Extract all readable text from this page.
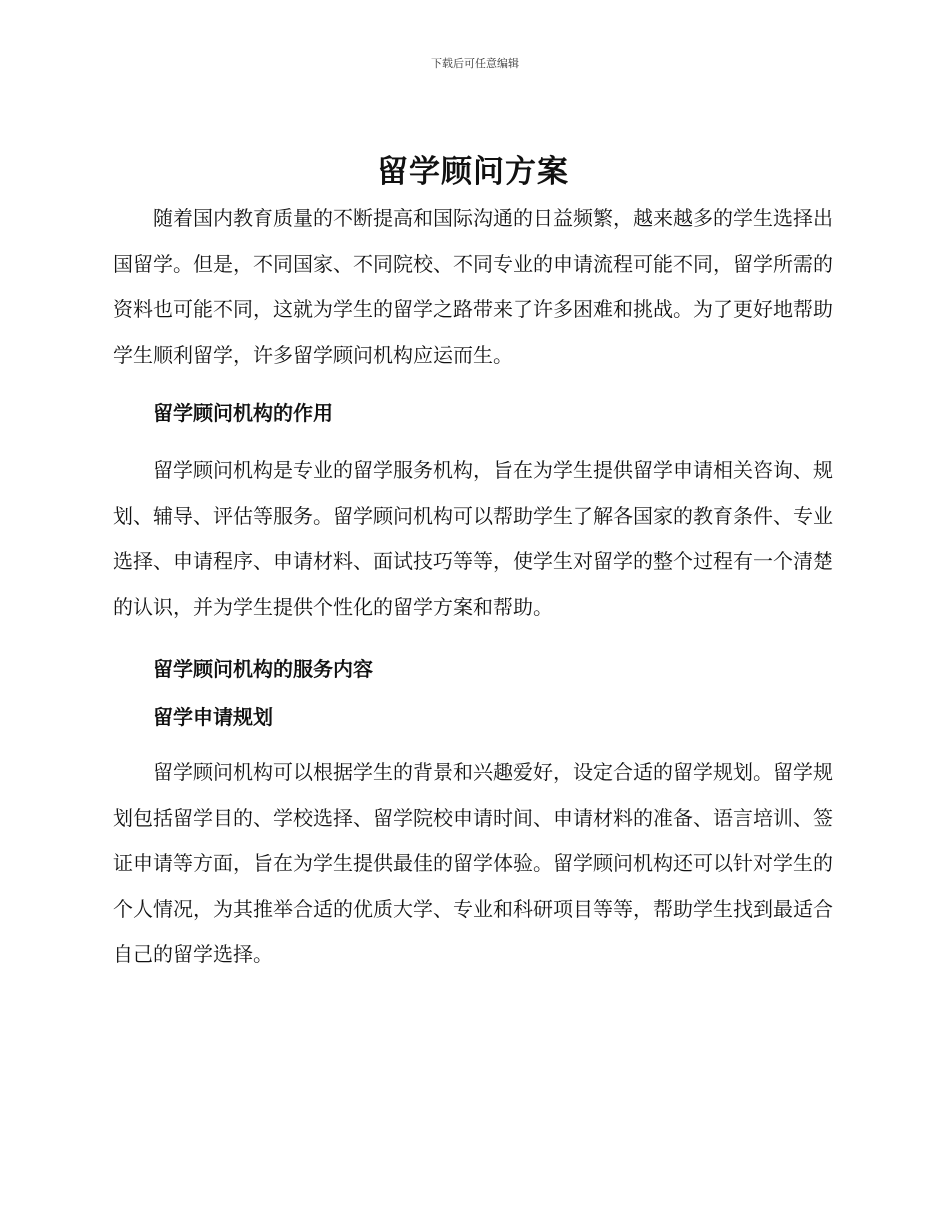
下载后可任意编辑
留学顾问方案

随着国内教育质量的不断提高和国际沟通的日益频繁，越来越多的学生选择出国留学。但是，不同国家、不同院校、不同专业的申请流程可能不同，留学所需的资料也可能不同，这就为学生的留学之路带来了许多困难和挑战。为了更好地帮助学生顺利留学，许多留学顾问机构应运而生。

留学顾问机构的作用

留学顾问机构是专业的留学服务机构，旨在为学生提供留学申请相关咨询、规划、辅导、评估等服务。留学顾问机构可以帮助学生了解各国家的教育条件、专业选择、申请程序、申请材料、面试技巧等等，使学生对留学的整个过程有一个清楚的认识，并为学生提供个性化的留学方案和帮助。

留学顾问机构的服务内容
留学申请规划

留学顾问机构可以根据学生的背景和兴趣爱好，设定合适的留学规划。留学规划包括留学目的、学校选择、留学院校申请时间、申请材料的准备、语言培训、签证申请等方面，旨在为学生提供最佳的留学体验。留学顾问机构还可以针对学生的个人情况，为其推举合适的优质大学、专业和科研项目等等，帮助学生找到最适合自己的留学选择。
